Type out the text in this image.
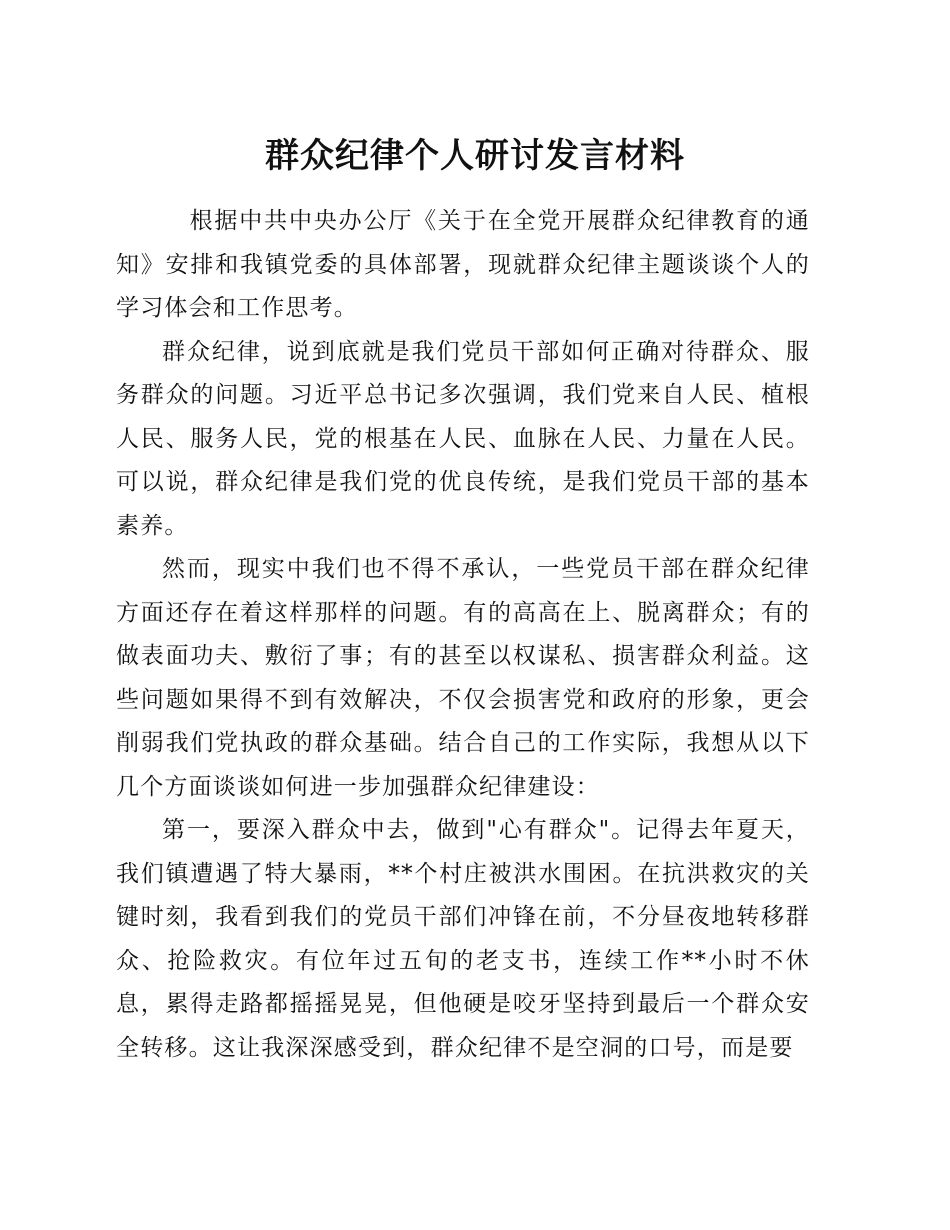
群众纪律个人研讨发言材料

根据中共中央办公厅《关于在全党开展群众纪律教育的通知》安排和我镇党委的具体部署，现就群众纪律主题谈谈个人的学习体会和工作思考。

群众纪律，说到底就是我们党员干部如何正确对待群众、服务群众的问题。习近平总书记多次强调，我们党来自人民、植根人民、服务人民，党的根基在人民、血脉在人民、力量在人民。可以说，群众纪律是我们党的优良传统，是我们党员干部的基本素养。

然而，现实中我们也不得不承认，一些党员干部在群众纪律方面还存在着这样那样的问题。有的高高在上、脱离群众；有的做表面功夫、敷衍了事；有的甚至以权谋私、损害群众利益。这些问题如果得不到有效解决，不仅会损害党和政府的形象，更会削弱我们党执政的群众基础。结合自己的工作实际，我想从以下几个方面谈谈如何进一步加强群众纪律建设：

第一，要深入群众中去，做到"心有群众"。记得去年夏天，我们镇遭遇了特大暴雨，**个村庄被洪水围困。在抗洪救灾的关键时刻，我看到我们的党员干部们冲锋在前，不分昼夜地转移群众、抢险救灾。有位年过五旬的老支书，连续工作**小时不休息，累得走路都摇摇晃晃，但他硬是咬牙坚持到最后一个群众安全转移。这让我深深感受到，群众纪律不是空洞的口号，而是要
